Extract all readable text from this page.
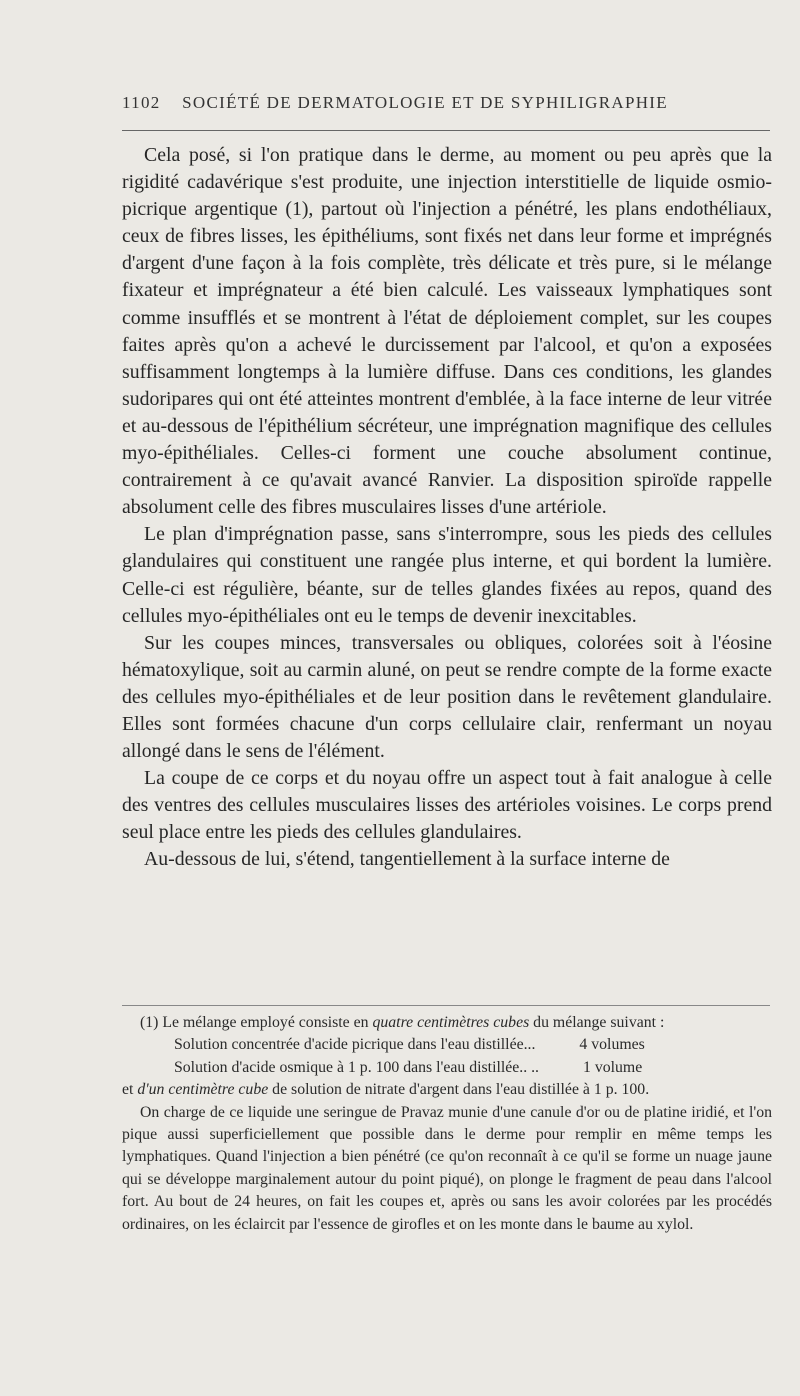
1102 SOCIÉTÉ DE DERMATOLOGIE ET DE SYPHILIGRAPHIE

Cela posé, si l'on pratique dans le derme, au moment ou peu après que la rigidité cadavérique s'est produite, une injection interstitielle de liquide osmio-picrique argentique (1), partout où l'injection a pénétré, les plans endothéliaux, ceux de fibres lisses, les épithéliums, sont fixés net dans leur forme et imprégnés d'argent d'une façon à la fois complète, très délicate et très pure, si le mélange fixateur et imprégnateur a été bien calculé. Les vaisseaux lymphatiques sont comme insufflés et se montrent à l'état de déploiement complet, sur les coupes faites après qu'on a achevé le durcissement par l'alcool, et qu'on a exposées suffisamment longtemps à la lumière diffuse. Dans ces conditions, les glandes sudoripares qui ont été atteintes montrent d'emblée, à la face interne de leur vitrée et au-dessous de l'épithélium sécréteur, une imprégnation magnifique des cellules myo-épithéliales. Celles-ci forment une couche absolument continue, contrairement à ce qu'avait avancé Ranvier. La disposition spiroïde rappelle absolument celle des fibres musculaires lisses d'une artériole.

Le plan d'imprégnation passe, sans s'interrompre, sous les pieds des cellules glandulaires qui constituent une rangée plus interne, et qui bordent la lumière. Celle-ci est régulière, béante, sur de telles glandes fixées au repos, quand des cellules myo-épithéliales ont eu le temps de devenir inexcitables.

Sur les coupes minces, transversales ou obliques, colorées soit à l'éosine hématoxylique, soit au carmin aluné, on peut se rendre compte de la forme exacte des cellules myo-épithéliales et de leur position dans le revêtement glandulaire. Elles sont formées chacune d'un corps cellulaire clair, renfermant un noyau allongé dans le sens de l'élément.

La coupe de ce corps et du noyau offre un aspect tout à fait analogue à celle des ventres des cellules musculaires lisses des artérioles voisines. Le corps prend seul place entre les pieds des cellules glandulaires.

Au-dessous de lui, s'étend, tangentiellement à la surface interne de

(1) Le mélange employé consiste en quatre centimètres cubes du mélange suivant :

Solution concentrée d'acide picrique dans l'eau distillée...	4 volumes

Solution d'acide osmique à 1 p. 100 dans l'eau distillée.. ..	1 volume

et d'un centimètre cube de solution de nitrate d'argent dans l'eau distillée à 1 p. 100.

On charge de ce liquide une seringue de Pravaz munie d'une canule d'or ou de platine iridié, et l'on pique aussi superficiellement que possible dans le derme pour remplir en même temps les lymphatiques. Quand l'injection a bien pénétré (ce qu'on reconnaît à ce qu'il se forme un nuage jaune qui se développe marginalement autour du point piqué), on plonge le fragment de peau dans l'alcool fort. Au bout de 24 heures, on fait les coupes et, après ou sans les avoir colorées par les procédés ordinaires, on les éclaircit par l'essence de girofles et on les monte dans le baume au xylol.
